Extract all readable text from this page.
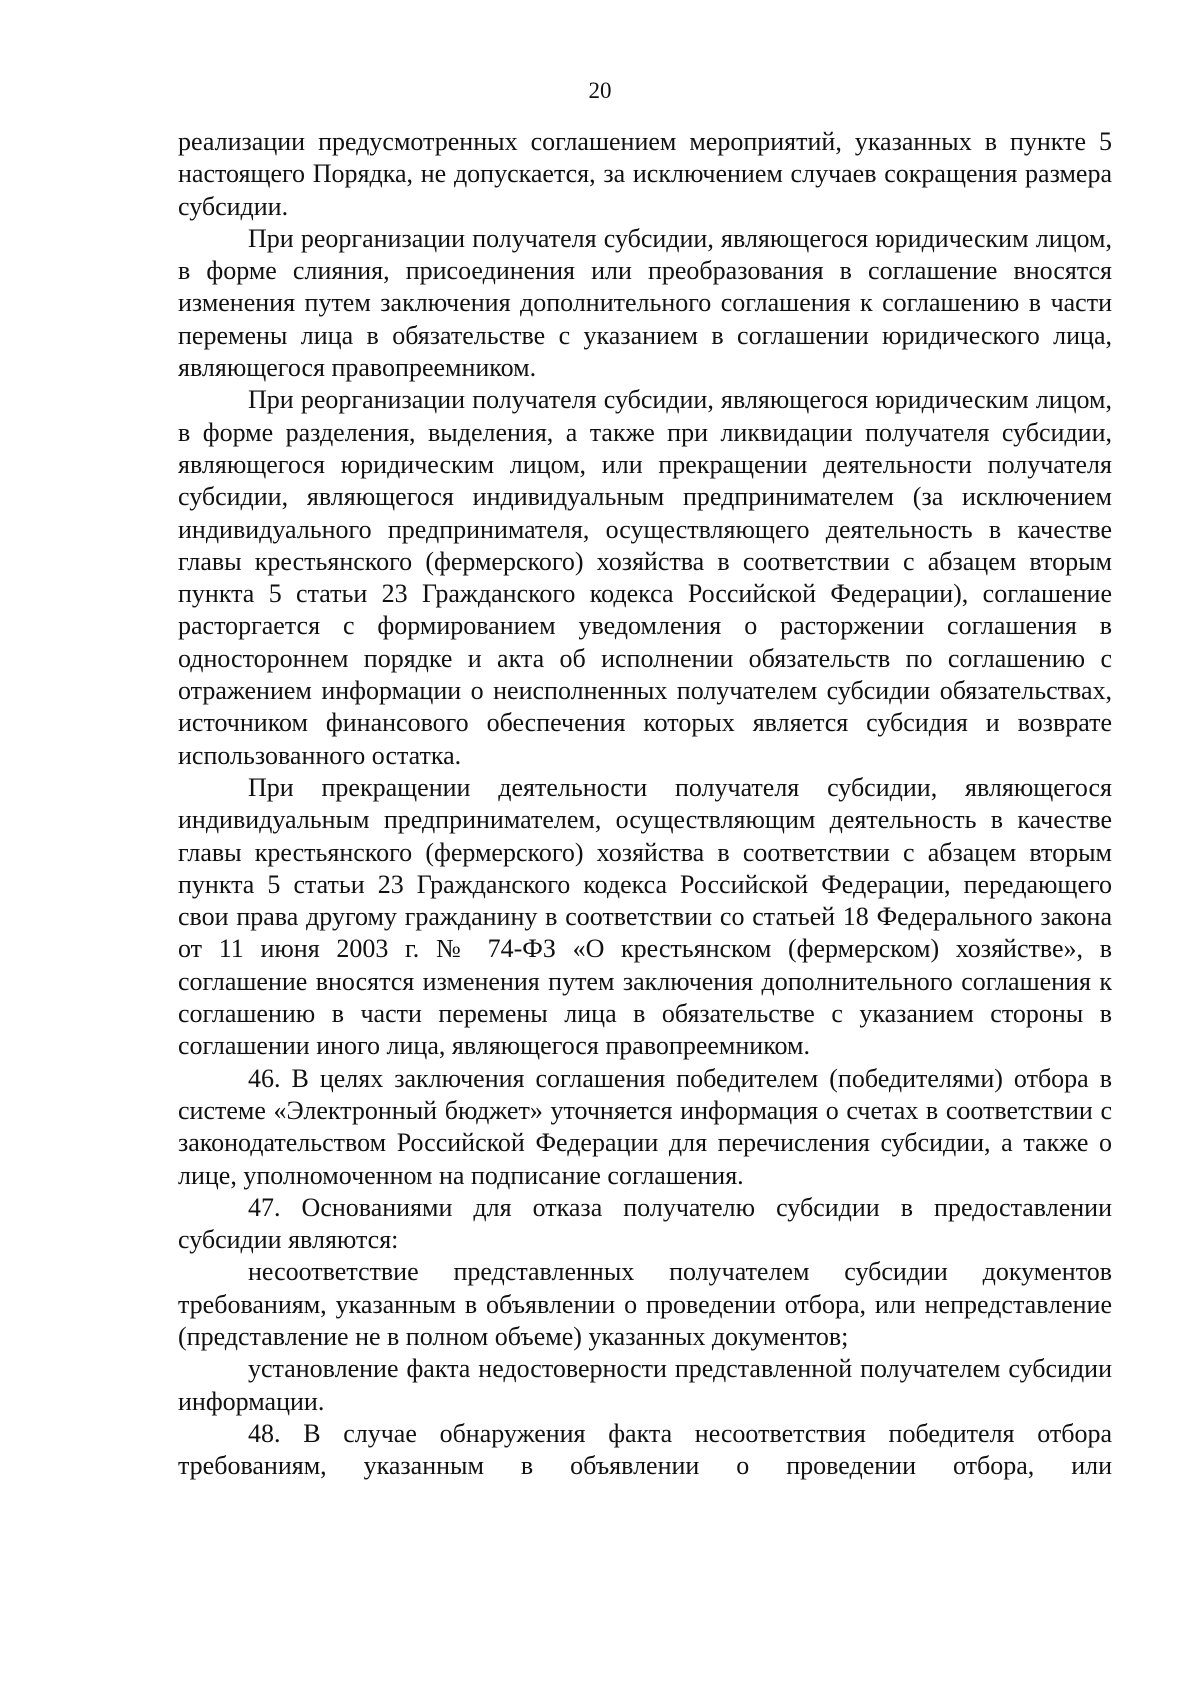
20

реализации предусмотренных соглашением мероприятий, указанных в пункте 5 настоящего Порядка, не допускается, за исключением случаев сокращения размера субсидии.

При реорганизации получателя субсидии, являющегося юридическим лицом, в форме слияния, присоединения или преобразования в соглашение вносятся изменения путем заключения дополнительного соглашения к соглашению в части перемены лица в обязательстве с указанием в соглашении юридического лица, являющегося правопреемником.

При реорганизации получателя субсидии, являющегося юридическим лицом, в форме разделения, выделения, а также при ликвидации получателя субсидии, являющегося юридическим лицом, или прекращении деятельности получателя субсидии, являющегося индивидуальным предпринимателем (за исключением индивидуального предпринимателя, осуществляющего деятельность в качестве главы крестьянского (фермерского) хозяйства в соответствии с абзацем вторым пункта 5 статьи 23 Гражданского кодекса Российской Федерации), соглашение расторгается с формированием уведомления о расторжении соглашения в одностороннем порядке и акта об исполнении обязательств по соглашению с отражением информации о неисполненных получателем субсидии обязательствах, источником финансового обеспечения которых является субсидия и возврате использованного остатка.

При прекращении деятельности получателя субсидии, являющегося индивидуальным предпринимателем, осуществляющим деятельность в качестве главы крестьянского (фермерского) хозяйства в соответствии с абзацем вторым пункта 5 статьи 23 Гражданского кодекса Российской Федерации, передающего свои права другому гражданину в соответствии со статьей 18 Федерального закона от 11 июня 2003 г. № 74-ФЗ «О крестьянском (фермерском) хозяйстве», в соглашение вносятся изменения путем заключения дополнительного соглашения к соглашению в части перемены лица в обязательстве с указанием стороны в соглашении иного лица, являющегося правопреемником.

46. В целях заключения соглашения победителем (победителями) отбора в системе «Электронный бюджет» уточняется информация о счетах в соответствии с законодательством Российской Федерации для перечисления субсидии, а также о лице, уполномоченном на подписание соглашения.

47. Основаниями для отказа получателю субсидии в предоставлении субсидии являются:

несоответствие представленных получателем субсидии документов требованиям, указанным в объявлении о проведении отбора, или непредставление (представление не в полном объеме) указанных документов;

установление факта недостоверности представленной получателем субсидии информации.

48. В случае обнаружения факта несоответствия победителя отбора требованиям, указанным в объявлении о проведении отбора, или
